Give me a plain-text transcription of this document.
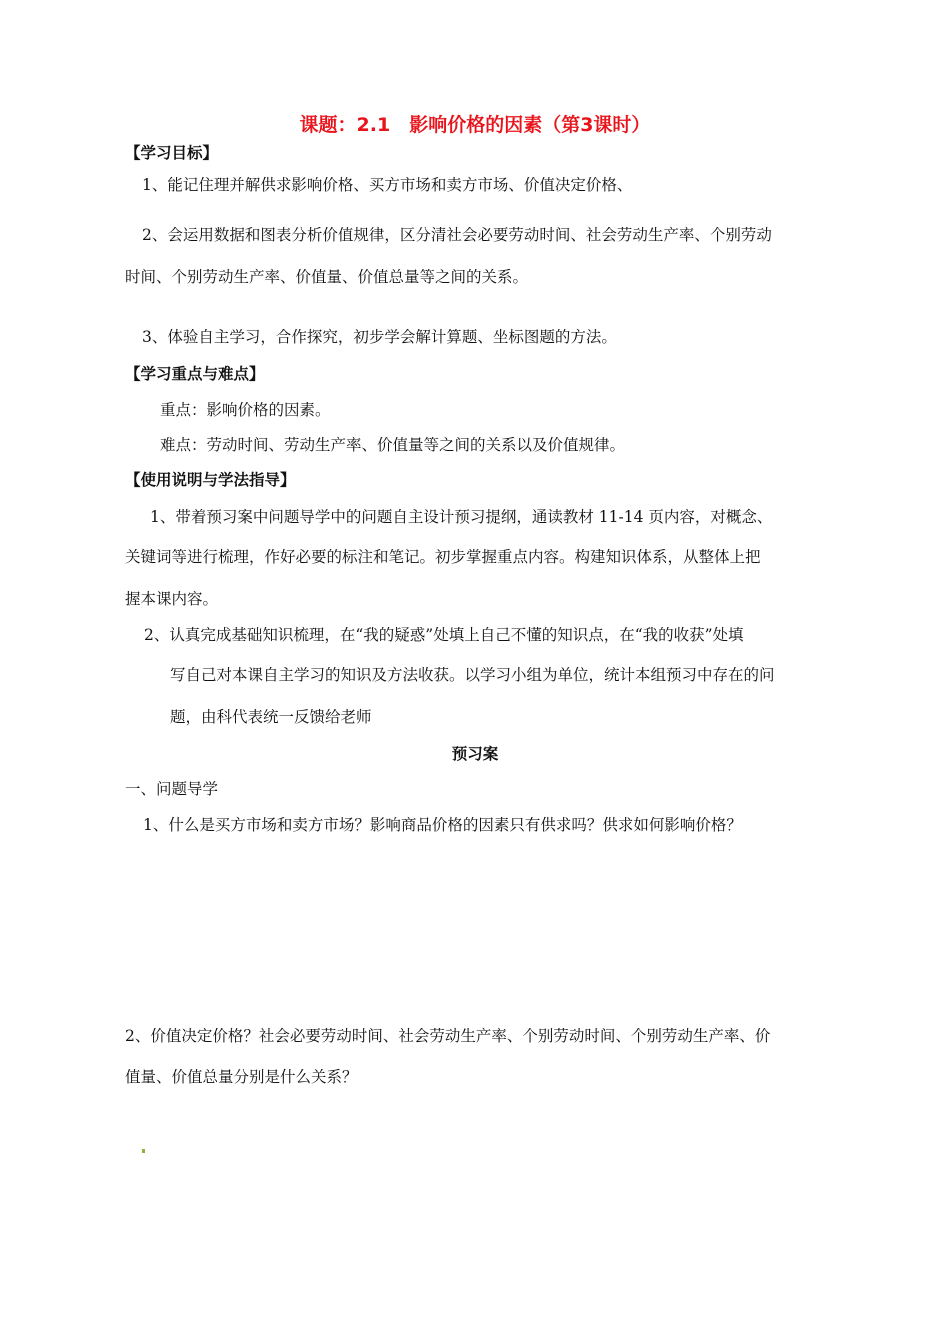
课题：2.1　影响价格的因素（第3课时）
【学习目标】
1、能记住理并解供求影响价格、买方市场和卖方市场、价值决定价格、
2、会运用数据和图表分析价值规律，区分清社会必要劳动时间、社会劳动生产率、个别劳动
时间、个别劳动生产率、价值量、价值总量等之间的关系。
3、体验自主学习，合作探究，初步学会解计算题、坐标图题的方法。
【学习重点与难点】
重点：影响价格的因素。
难点：劳动时间、劳动生产率、价值量等之间的关系以及价值规律。
【使用说明与学法指导】
1、带着预习案中问题导学中的问题自主设计预习提纲，通读教材 11-14 页内容，对概念、
关键词等进行梳理，作好必要的标注和笔记。初步掌握重点内容。构建知识体系，从整体上把
握本课内容。
2、认真完成基础知识梳理，在“我的疑惑”处填上自己不懂的知识点，在“我的收获”处填
写自己对本课自主学习的知识及方法收获。以学习小组为单位，统计本组预习中存在的问
题，由科代表统一反馈给老师
预习案
一、问题导学
1、什么是买方市场和卖方市场？影响商品价格的因素只有供求吗？供求如何影响价格？
2、价值决定价格？社会必要劳动时间、社会劳动生产率、个别劳动时间、个别劳动生产率、价
值量、价值总量分别是什么关系？
